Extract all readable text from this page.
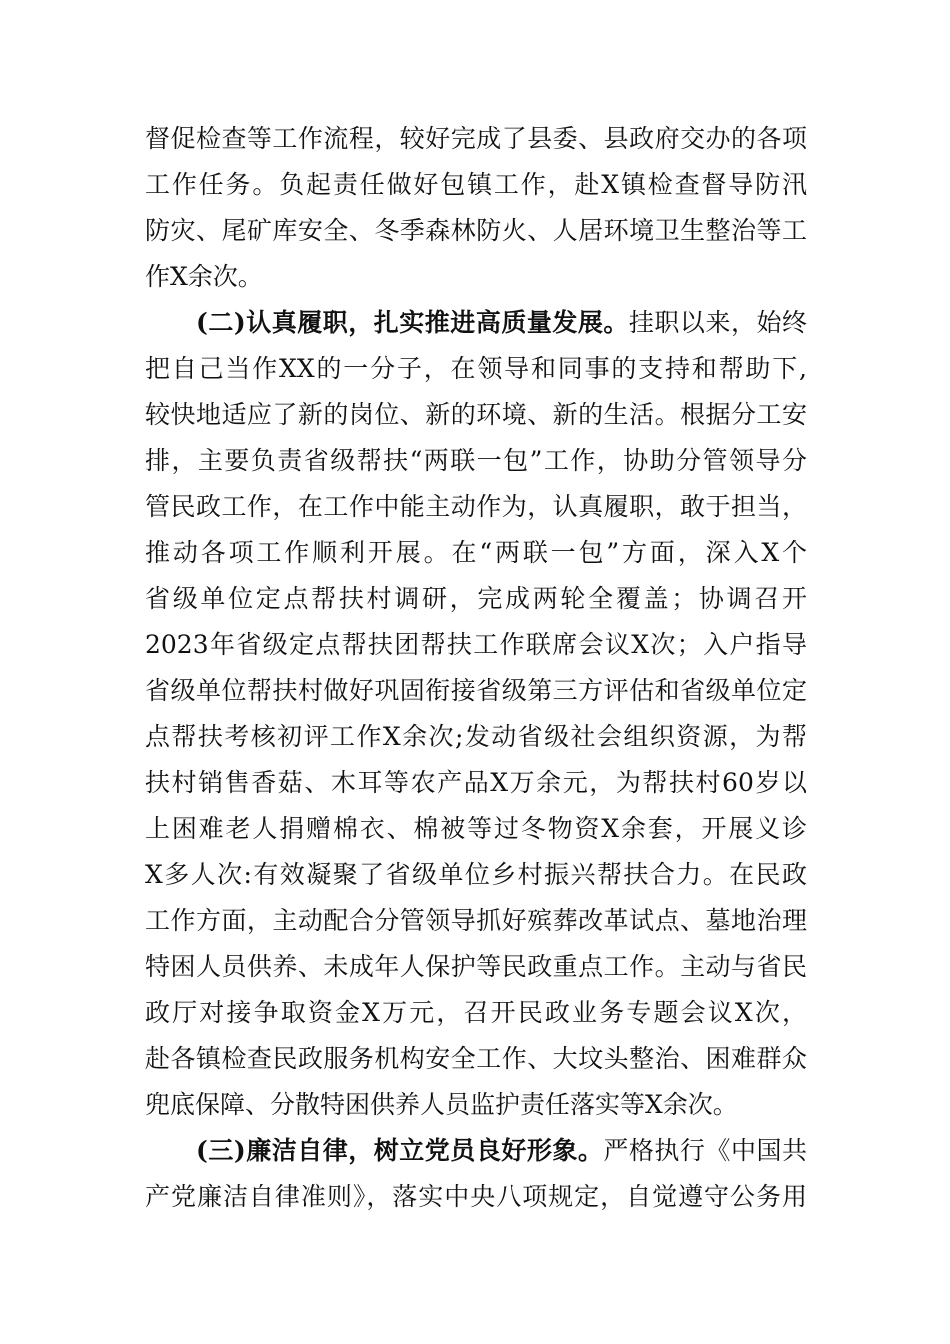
督促检查等工作流程，较好完成了县委、县政府交办的各项
工作任务。负起责任做好包镇工作，赴X镇检查督导防汛
防灾、尾矿库安全、冬季森林防火、人居环境卫生整治等工
作X余次。
(二)认真履职，扎实推进高质量发展。挂职以来，始终
把自己当作XX的一分子，在领导和同事的支持和帮助下,
较快地适应了新的岗位、新的环境、新的生活。根据分工安
排，主要负责省级帮扶“两联一包”工作，协助分管领导分
管民政工作，在工作中能主动作为，认真履职，敢于担当，
推动各项工作顺利开展。在“两联一包”方面，深入X个
省级单位定点帮扶村调研，完成两轮全覆盖；协调召开
2023年省级定点帮扶团帮扶工作联席会议X次；入户指导
省级单位帮扶村做好巩固衔接省级第三方评估和省级单位定
点帮扶考核初评工作X余次;发动省级社会组织资源，为帮
扶村销售香菇、木耳等农产品X万余元，为帮扶村60岁以
上困难老人捐赠棉衣、棉被等过冬物资X余套，开展义诊
X多人次:有效凝聚了省级单位乡村振兴帮扶合力。在民政
工作方面，主动配合分管领导抓好殡葬改革试点、墓地治理
特困人员供养、未成年人保护等民政重点工作。主动与省民
政厅对接争取资金X万元，召开民政业务专题会议X次，
赴各镇检查民政服务机构安全工作、大坟头整治、困难群众
兜底保障、分散特困供养人员监护责任落实等X余次。
(三)廉洁自律，树立党员良好形象。严格执行《中国共
产党廉洁自律准则》，落实中央八项规定，自觉遵守公务用
